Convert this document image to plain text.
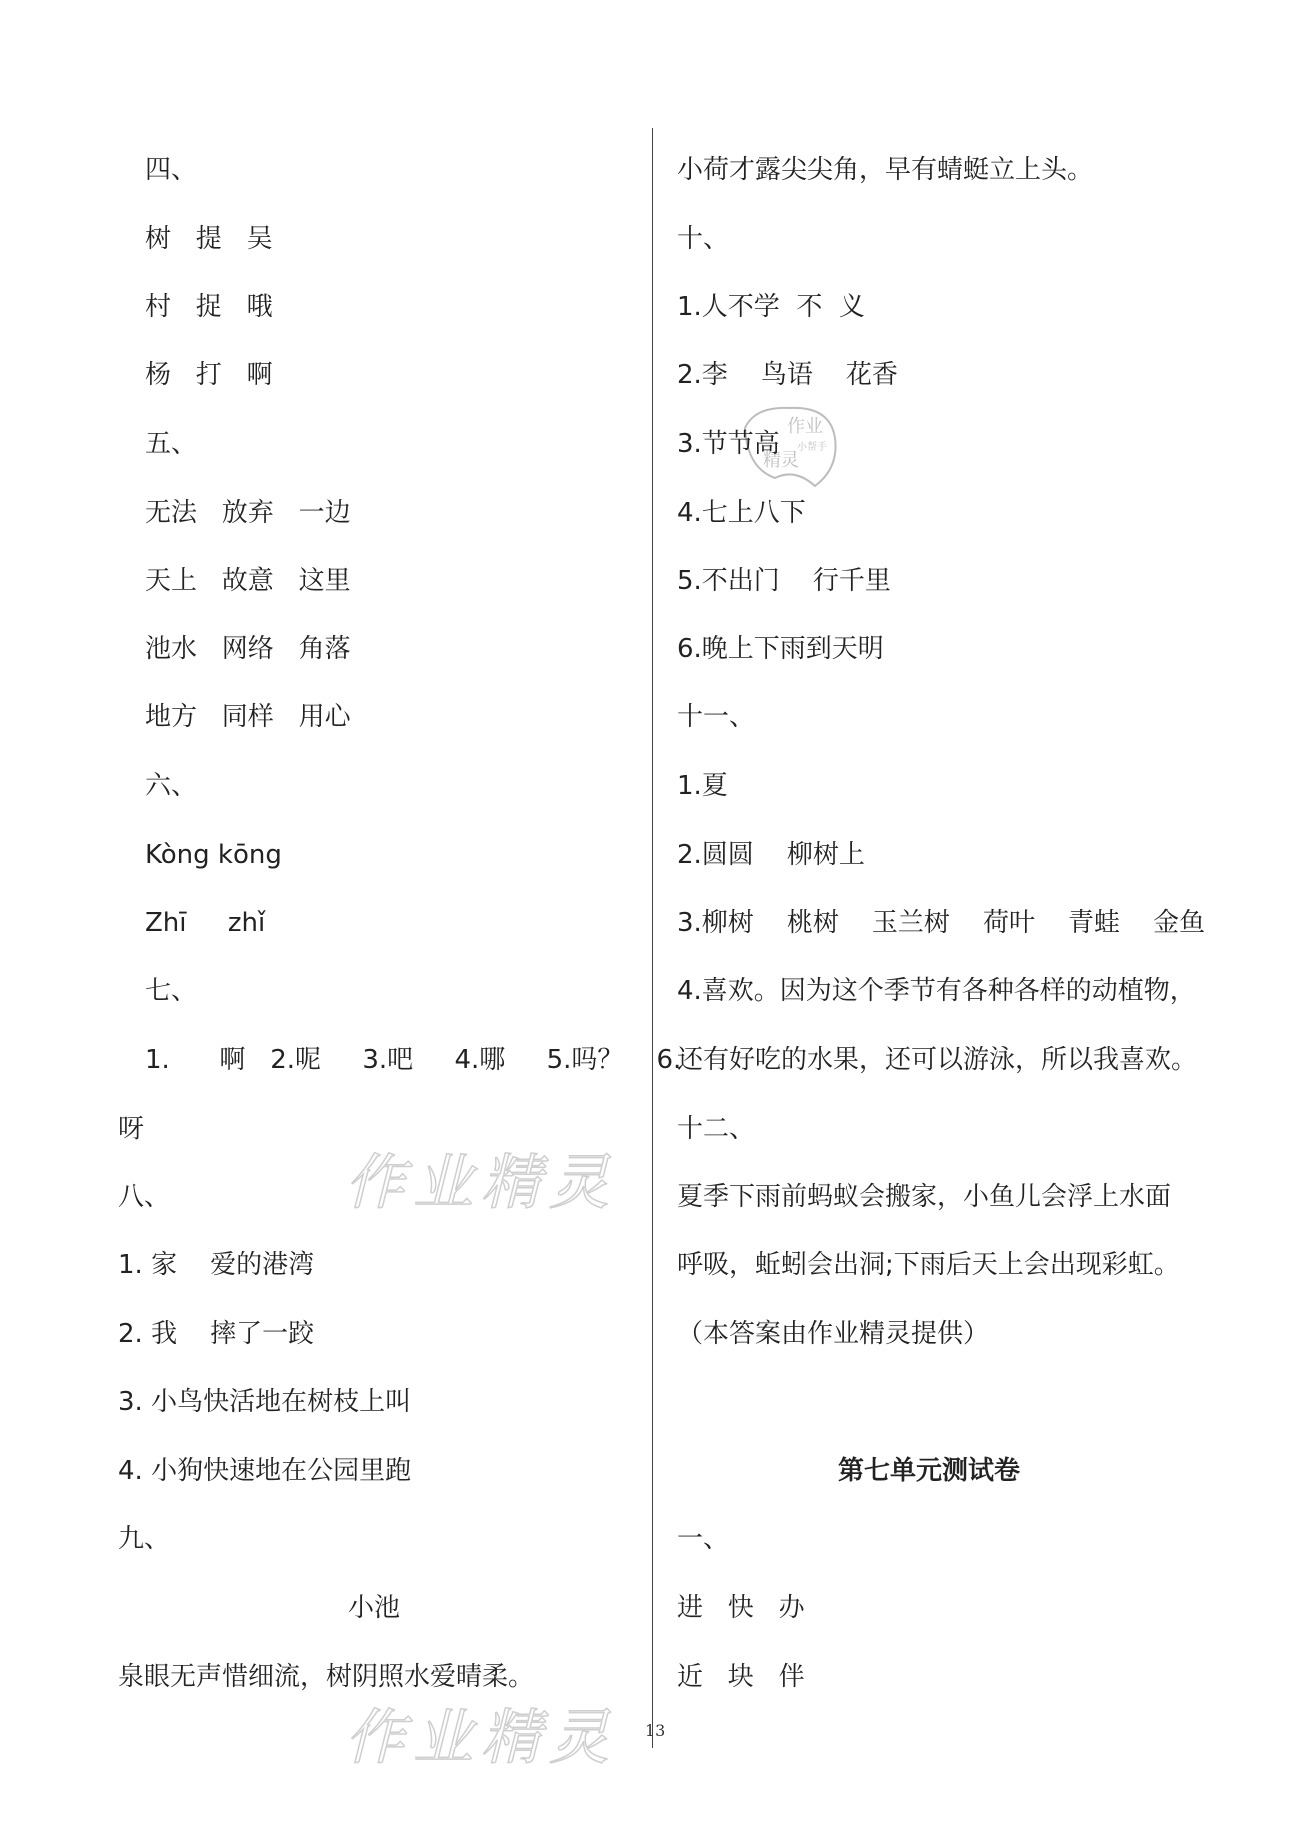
作业精灵
作业精灵
作业
精灵
小帮手
四、
树   提   吴
村   捉   哦
杨   打   啊
五、
无法   放弃   一边
天上   故意   这里
池水   网络   角落
地方   同样   用心
六、
Kòng kōng
Zhī     zhǐ
七、
1.      啊   2.呢     3.吧     4.哪     5.吗？    6.
呀
八、
1. 家    爱的港湾
2. 我    摔了一跤
3. 小鸟快活地在树枝上叫
4. 小狗快速地在公园里跑
九、
小池
泉眼无声惜细流，树阴照水爱晴柔。
小荷才露尖尖角，早有蜻蜓立上头。
十、
1.人不学  不  义
2.李    鸟语    花香
3.节节高
4.七上八下
5.不出门    行千里
6.晚上下雨到天明
十一、
1.夏
2.圆圆    柳树上
3.柳树    桃树    玉兰树    荷叶    青蛙    金鱼
4.喜欢。因为这个季节有各种各样的动植物，
还有好吃的水果，还可以游泳，所以我喜欢。
十二、
夏季下雨前蚂蚁会搬家，小鱼儿会浮上水面
呼吸，蚯蚓会出洞;下雨后天上会出现彩虹。
（本答案由作业精灵提供）
第七单元测试卷
一、
进   快   办
近   块   伴
13
